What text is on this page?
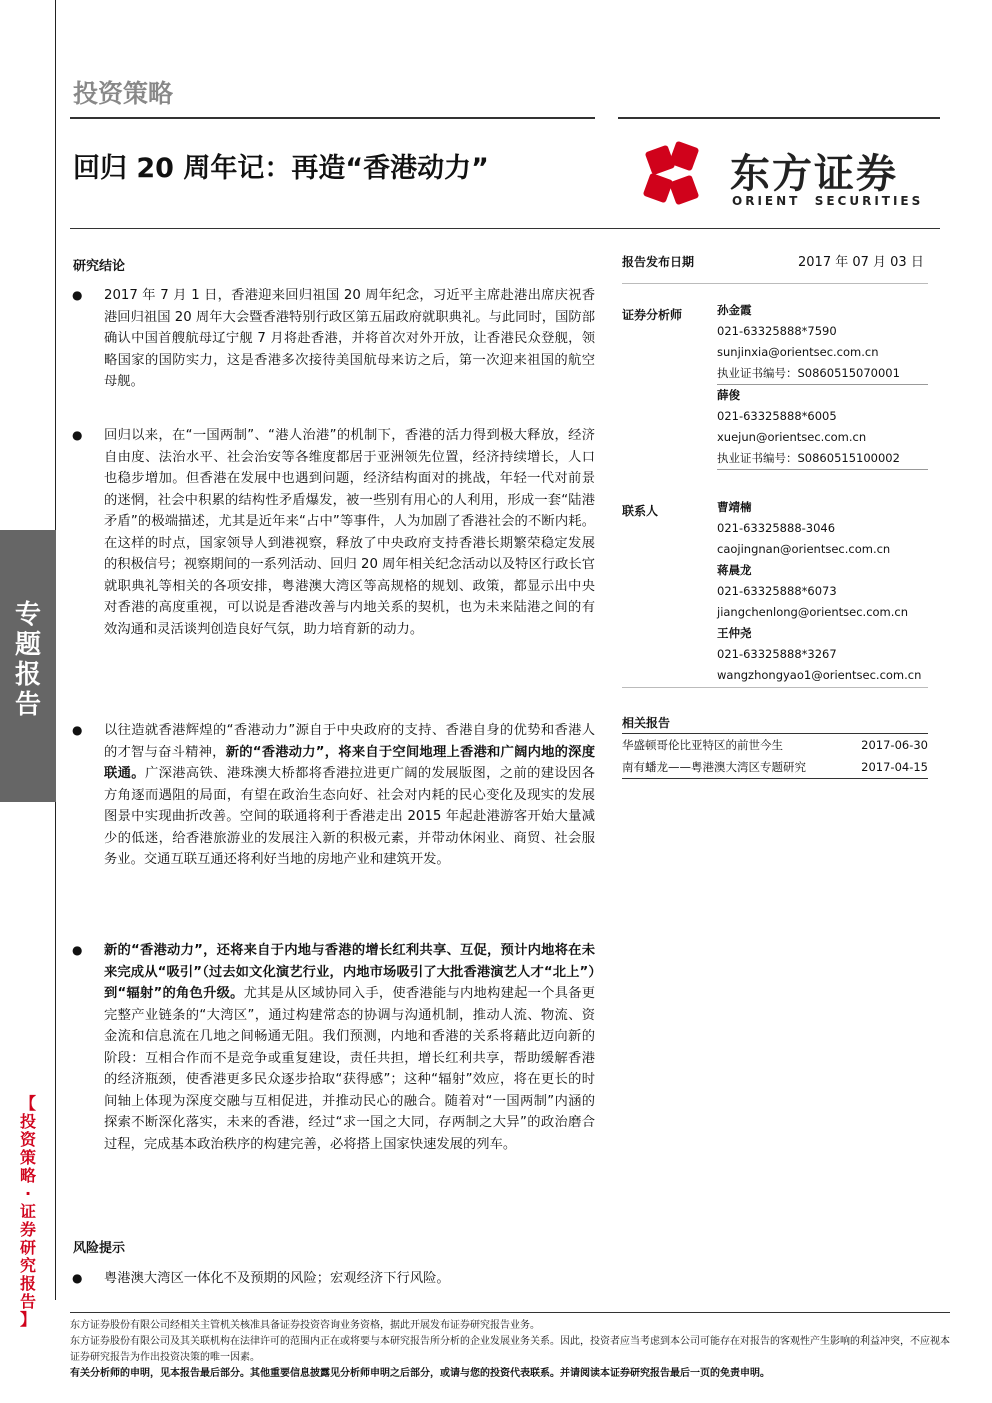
专
题
报
告
【
投
资
策
略
·
证
券
研
究
报
告
】
投资策略
回归 20 周年记：再造“香港动力”	东方证券
ORIENT  SECURITIES
研究结论
●	2017 年 7 月 1 日，香港迎来回归祖国 20 周年纪念，习近平主席赴港出席庆祝香港回归祖国 20 周年大会暨香港特别行政区第五届政府就职典礼。与此同时，国防部确认中国首艘航母辽宁舰 7 月将赴香港，并将首次对外开放，让香港民众登舰，领略国家的国防实力，这是香港多次接待美国航母来访之后，第一次迎来祖国的航空母舰。
●	回归以来，在“一国两制”、“港人治港”的机制下，香港的活力得到极大释放，经济自由度、法治水平、社会治安等各维度都居于亚洲领先位置，经济持续增长，人口也稳步增加。但香港在发展中也遇到问题，经济结构面对的挑战，年轻一代对前景的迷惘，社会中积累的结构性矛盾爆发，被一些别有用心的人利用，形成一套“陆港矛盾”的极端描述，尤其是近年来“占中”等事件，人为加剧了香港社会的不断内耗。在这样的时点，国家领导人到港视察，释放了中央政府支持香港长期繁荣稳定发展的积极信号；视察期间的一系列活动、回归 20 周年相关纪念活动以及特区行政长官就职典礼等相关的各项安排，粤港澳大湾区等高规格的规划、政策，都显示出中央对香港的高度重视，可以说是香港改善与内地关系的契机，也为未来陆港之间的有效沟通和灵活谈判创造良好气氛，助力培育新的动力。
●	以往造就香港辉煌的“香港动力”源自于中央政府的支持、香港自身的优势和香港人的才智与奋斗精神，新的“香港动力”，将来自于空间地理上香港和广阔内地的深度联通。广深港高铁、港珠澳大桥都将香港拉进更广阔的发展版图，之前的建设因各方角逐而遇阻的局面，有望在政治生态向好、社会对内耗的民心变化及现实的发展图景中实现曲折改善。空间的联通将利于香港走出 2015 年起赴港游客开始大量减少的低迷，给香港旅游业的发展注入新的积极元素，并带动休闲业、商贸、社会服务业。交通互联互通还将利好当地的房地产业和建筑开发。
●	新的“香港动力”，还将来自于内地与香港的增长红利共享、互促，预计内地将在未来完成从“吸引”（过去如文化演艺行业，内地市场吸引了大批香港演艺人才“北上”）到“辐射”的角色升级。尤其是从区域协同入手，使香港能与内地构建起一个具备更完整产业链条的“大湾区”，通过构建常态的协调与沟通机制，推动人流、物流、资金流和信息流在几地之间畅通无阻。我们预测，内地和香港的关系将藉此迈向新的阶段：互相合作而不是竞争或重复建设，责任共担，增长红利共享，帮助缓解香港的经济瓶颈，使香港更多民众逐步拾取“获得感”；这种“辐射”效应，将在更长的时间轴上体现为深度交融与互相促进，并推动民心的融合。随着对“一国两制”内涵的探索不断深化落实，未来的香港，经过“求一国之大同，存两制之大异”的政治磨合过程，完成基本政治秩序的构建完善，必将搭上国家快速发展的列车。
风险提示
●	粤港澳大湾区一体化不及预期的风险；宏观经济下行风险。
报告发布日期	2017 年 07 月 03 日
证券分析师	孙金霞
021-63325888*7590
sunjinxia@orientsec.com.cn
执业证书编号：S0860515070001
薛俊
021-63325888*6005
xuejun@orientsec.com.cn
执业证书编号：S0860515100002
联系人	曹靖楠
021-63325888-3046
caojingnan@orientsec.com.cn
蒋晨龙
021-63325888*6073
jiangchenlong@orientsec.com.cn
王仲尧
021-63325888*3267
wangzhongyao1@orientsec.com.cn
相关报告
华盛顿哥伦比亚特区的前世今生	2017-06-30
南有蟠龙——粤港澳大湾区专题研究	2017-04-15
东方证券股份有限公司经相关主管机关核准具备证券投资咨询业务资格，据此开展发布证券研究报告业务。
东方证券股份有限公司及其关联机构在法律许可的范围内正在或将要与本研究报告所分析的企业发展业务关系。因此，投资者应当考虑到本公司可能存在对报告的客观性产生影响的利益冲突，不应视本证券研究报告为作出投资决策的唯一因素。
有关分析师的申明，见本报告最后部分。其他重要信息披露见分析师申明之后部分，或请与您的投资代表联系。并请阅读本证券研究报告最后一页的免责申明。
